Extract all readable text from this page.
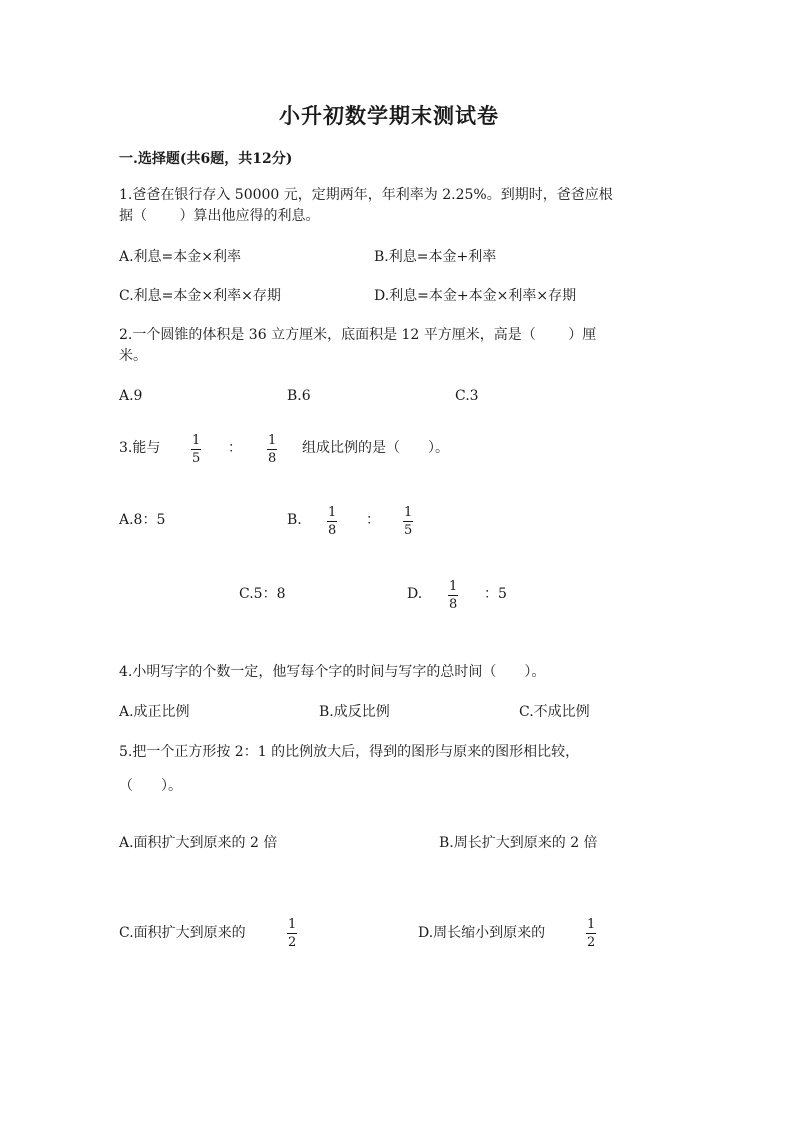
小升初数学期末测试卷
一.选择题(共6题，共12分)
1.爸爸在银行存入 50000 元，定期两年，年利率为 2.25%。到期时，爸爸应根
据（　　 ）算出他应得的利息。
A.利息=本金×利率	B.利息=本金+利率
C.利息=本金×利率×存期	D.利息=本金+本金×利率×存期
2.一个圆锥的体积是 36 立方厘米，底面积是 12 平方厘米，高是（　　 ）厘
米。
A.9	B.6	C.3
3.能与 1
5
： 1
8
组成比例的是（　　）。
A.8：5	B. 1
8
： 1
5
C.5：8	D. 1
8
：5
4.小明写字的个数一定，他写每个字的时间与写字的总时间（　　）。
A.成正比例	B.成反比例	C.不成比例
5.把一个正方形按 2：1 的比例放大后，得到的图形与原来的图形相比较，
（　　）。
A.面积扩大到原来的 2 倍	B.周长扩大到原来的 2 倍
C.面积扩大到原来的
1
2
D.周长缩小到原来的
1
2
